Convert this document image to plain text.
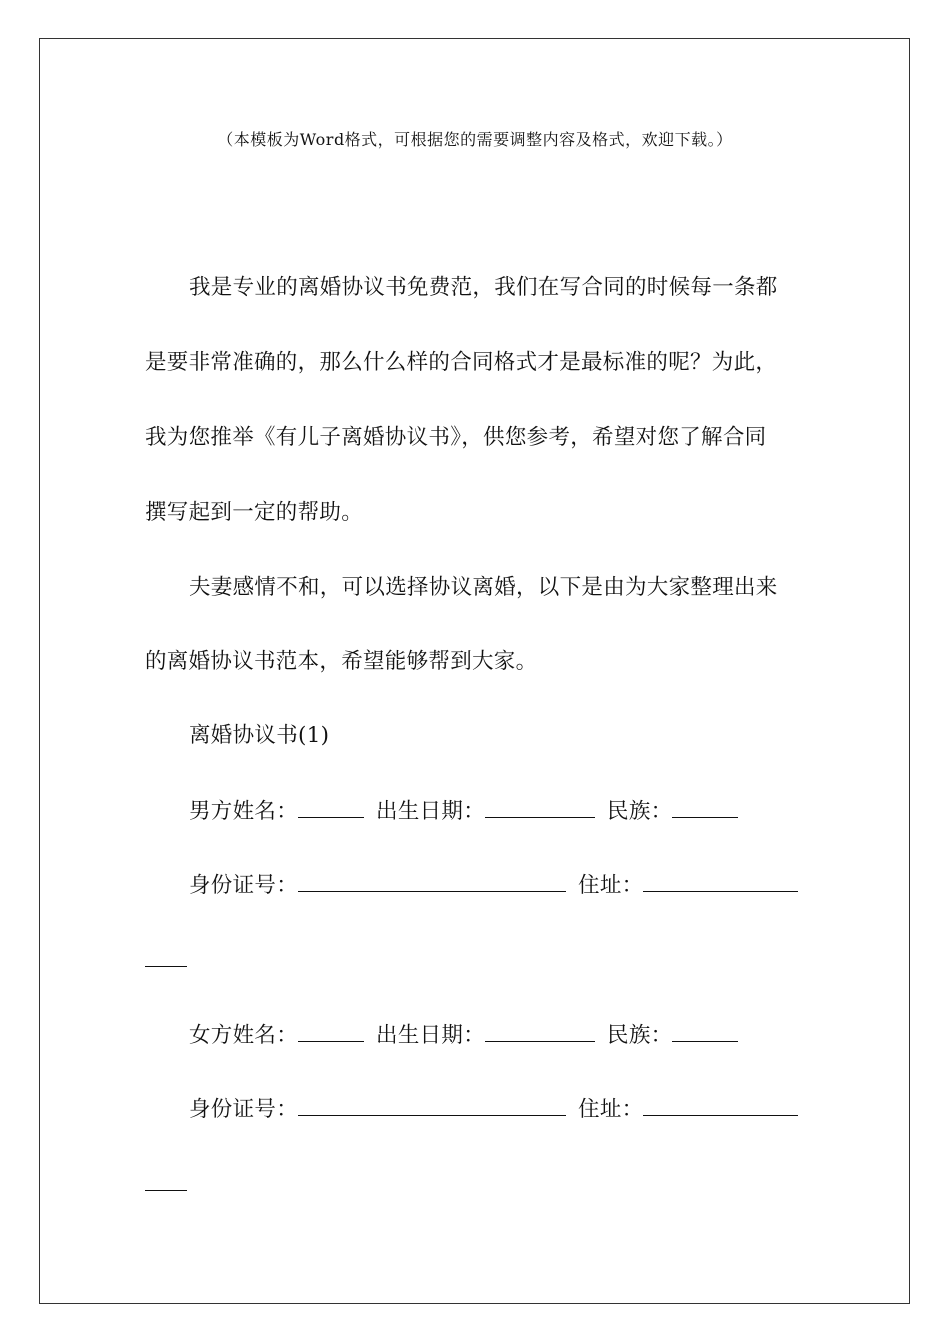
（本模板为Word格式，可根据您的需要调整内容及格式，欢迎下载。）
我是专业的离婚协议书免费范，我们在写合同的时候每一条都
是要非常准确的，那么什么样的合同格式才是最标准的呢？为此，
我为您推举《有儿子离婚协议书》，供您参考，希望对您了解合同
撰写起到一定的帮助。
夫妻感情不和，可以选择协议离婚，以下是由为大家整理出来
的离婚协议书范本，希望能够帮到大家。
离婚协议书(1)
男方姓名：	出生日期：	民族：
身份证号：	住址：
女方姓名：	出生日期：	民族：
身份证号：	住址：
